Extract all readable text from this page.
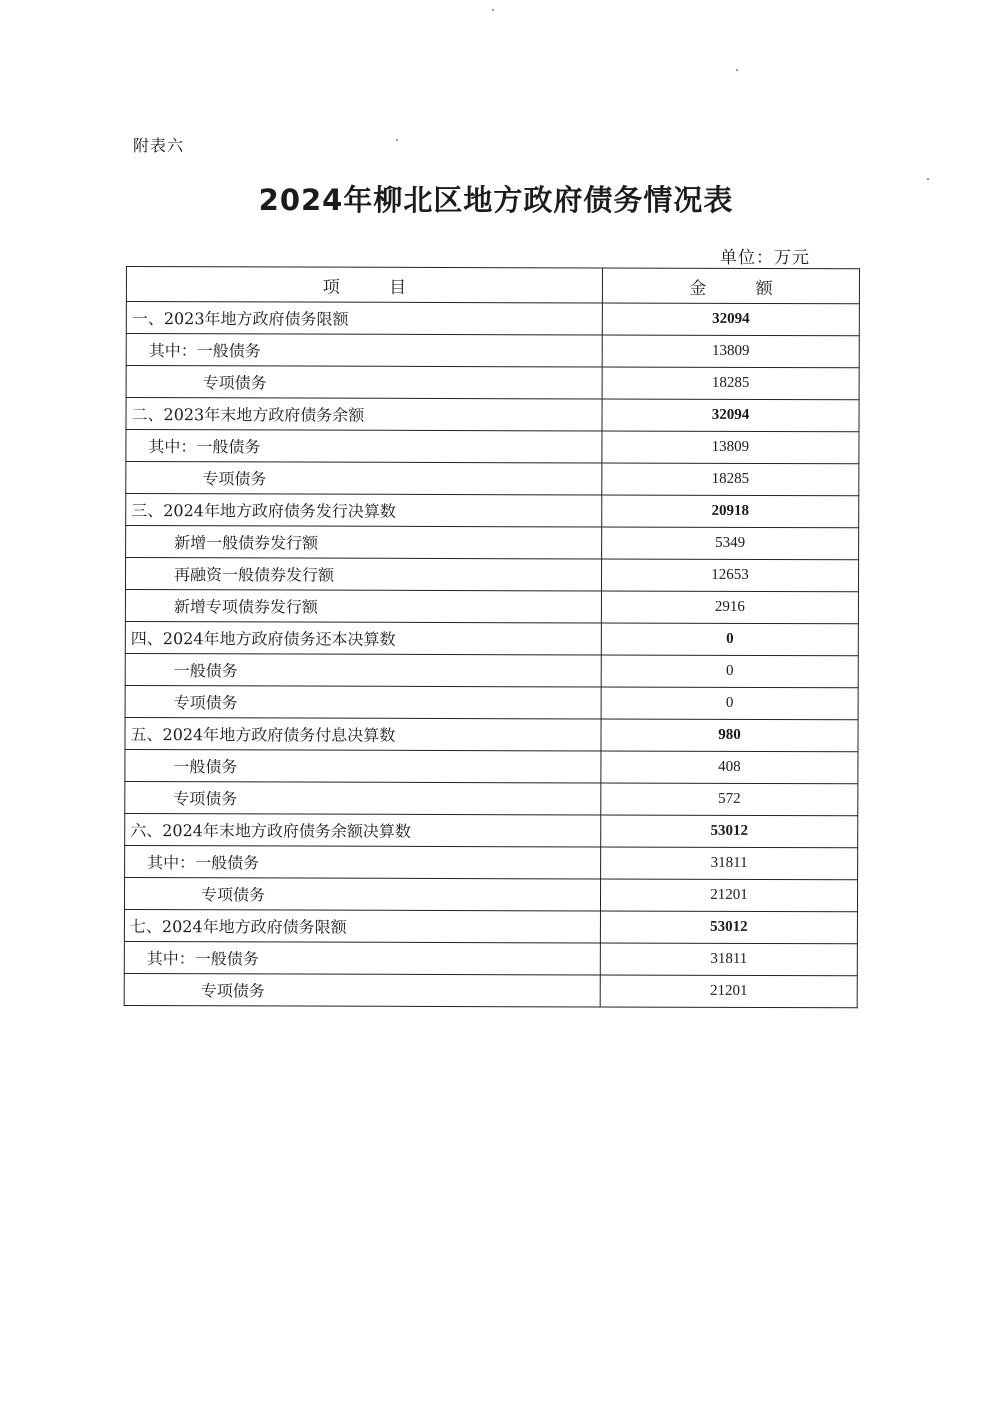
附表六
2024年柳北区地方政府债务情况表
单位：万元
项 目	金 额
一、2023年地方政府债务限额	32094
其中：一般债务	13809
专项债务	18285
二、2023年末地方政府债务余额	32094
其中：一般债务	13809
专项债务	18285
三、2024年地方政府债务发行决算数	20918
新增一般债券发行额	5349
再融资一般债券发行额	12653
新增专项债券发行额	2916
四、2024年地方政府债务还本决算数	0
一般债务	0
专项债务	0
五、2024年地方政府债务付息决算数	980
一般债务	408
专项债务	572
六、2024年末地方政府债务余额决算数	53012
其中：一般债务	31811
专项债务	21201
七、2024年地方政府债务限额	53012
其中：一般债务	31811
专项债务	21201
